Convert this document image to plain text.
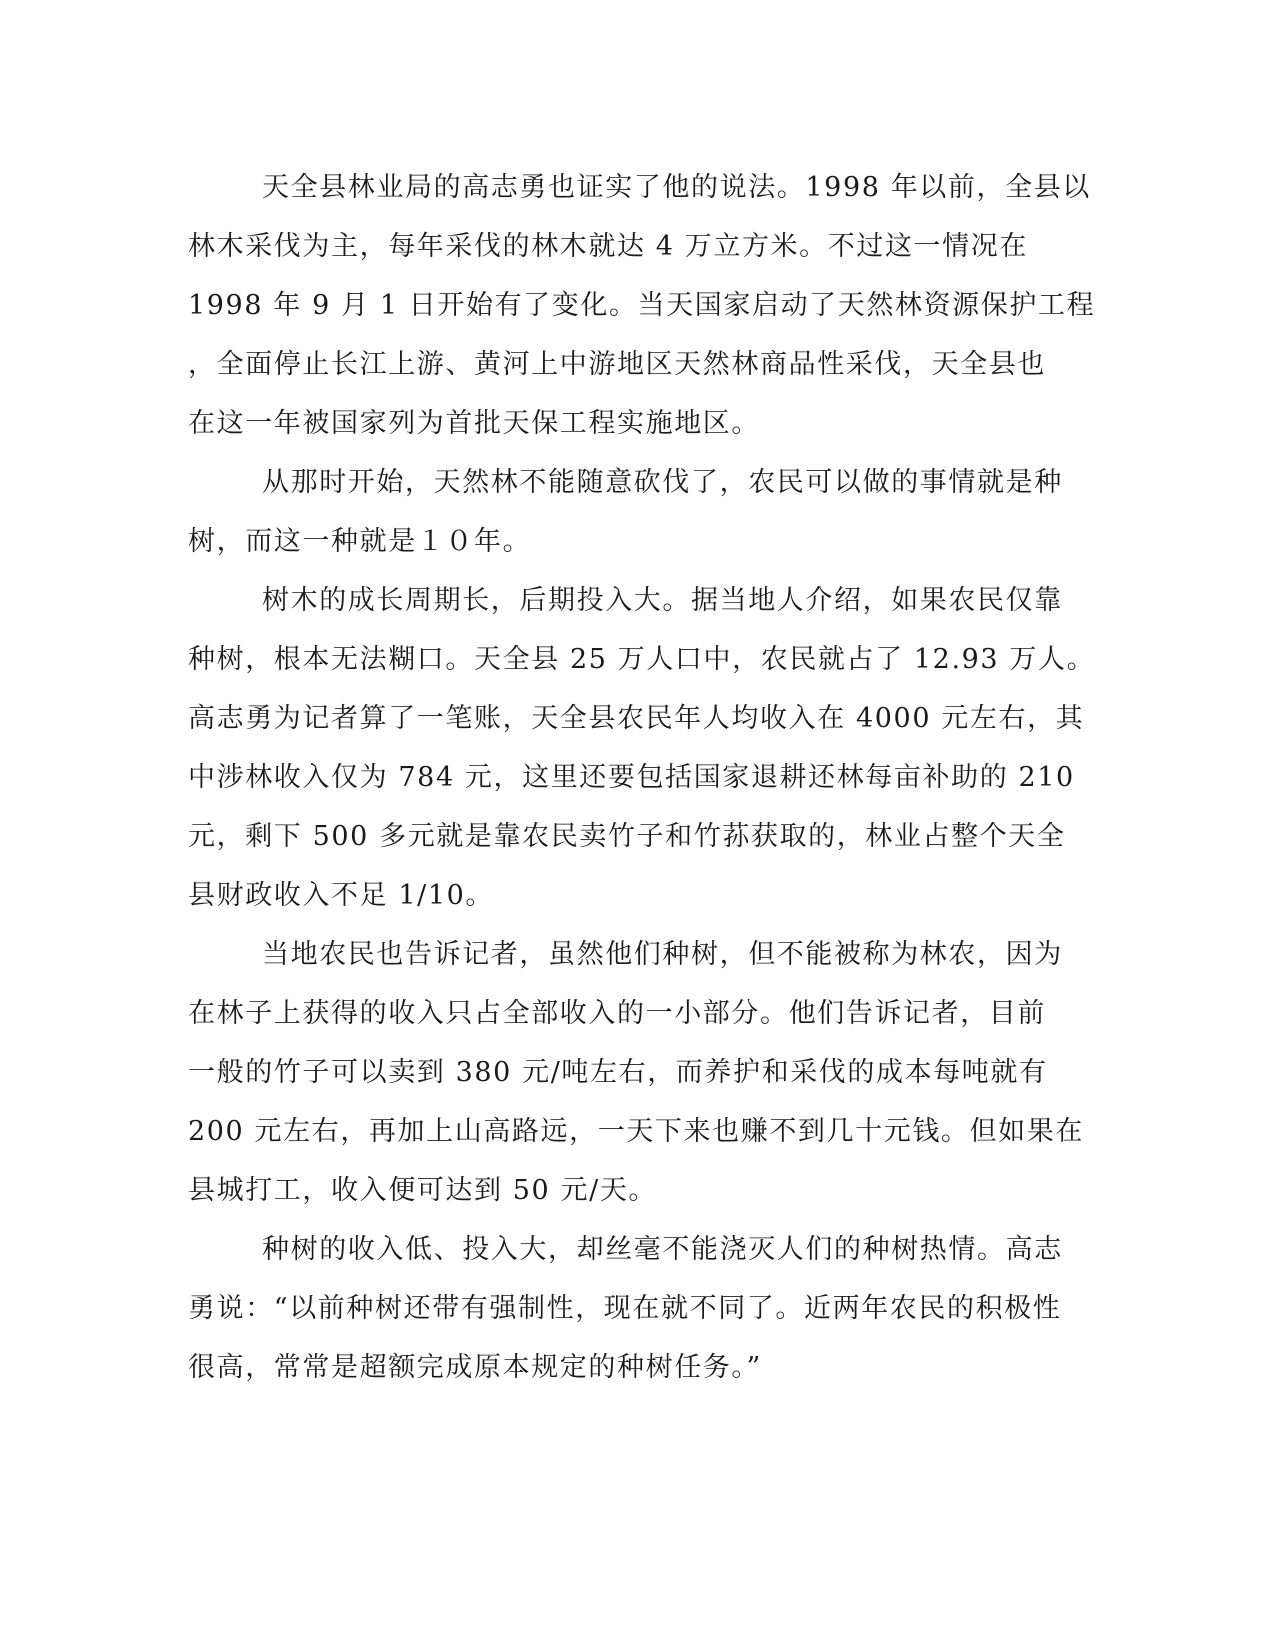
天全县林业局的高志勇也证实了他的说法。1998 年以前，全县以
林木采伐为主，每年采伐的林木就达 4 万立方米。不过这一情况在
1998 年 9 月 1 日开始有了变化。当天国家启动了天然林资源保护工程
，全面停止长江上游、黄河上中游地区天然林商品性采伐，天全县也
在这一年被国家列为首批天保工程实施地区。
从那时开始，天然林不能随意砍伐了，农民可以做的事情就是种
树，而这一种就是１０年。
树木的成长周期长，后期投入大。据当地人介绍，如果农民仅靠
种树，根本无法糊口。天全县 25 万人口中，农民就占了 12.93 万人。
高志勇为记者算了一笔账，天全县农民年人均收入在 4000 元左右，其
中涉林收入仅为 784 元，这里还要包括国家退耕还林每亩补助的 210
元，剩下 500 多元就是靠农民卖竹子和竹荪获取的，林业占整个天全
县财政收入不足 1/10。
当地农民也告诉记者，虽然他们种树，但不能被称为林农，因为
在林子上获得的收入只占全部收入的一小部分。他们告诉记者，目前
一般的竹子可以卖到 380 元/吨左右，而养护和采伐的成本每吨就有
200 元左右，再加上山高路远，一天下来也赚不到几十元钱。但如果在
县城打工，收入便可达到 50 元/天。
种树的收入低、投入大，却丝毫不能浇灭人们的种树热情。高志
勇说：“以前种树还带有强制性，现在就不同了。近两年农民的积极性
很高，常常是超额完成原本规定的种树任务。”
